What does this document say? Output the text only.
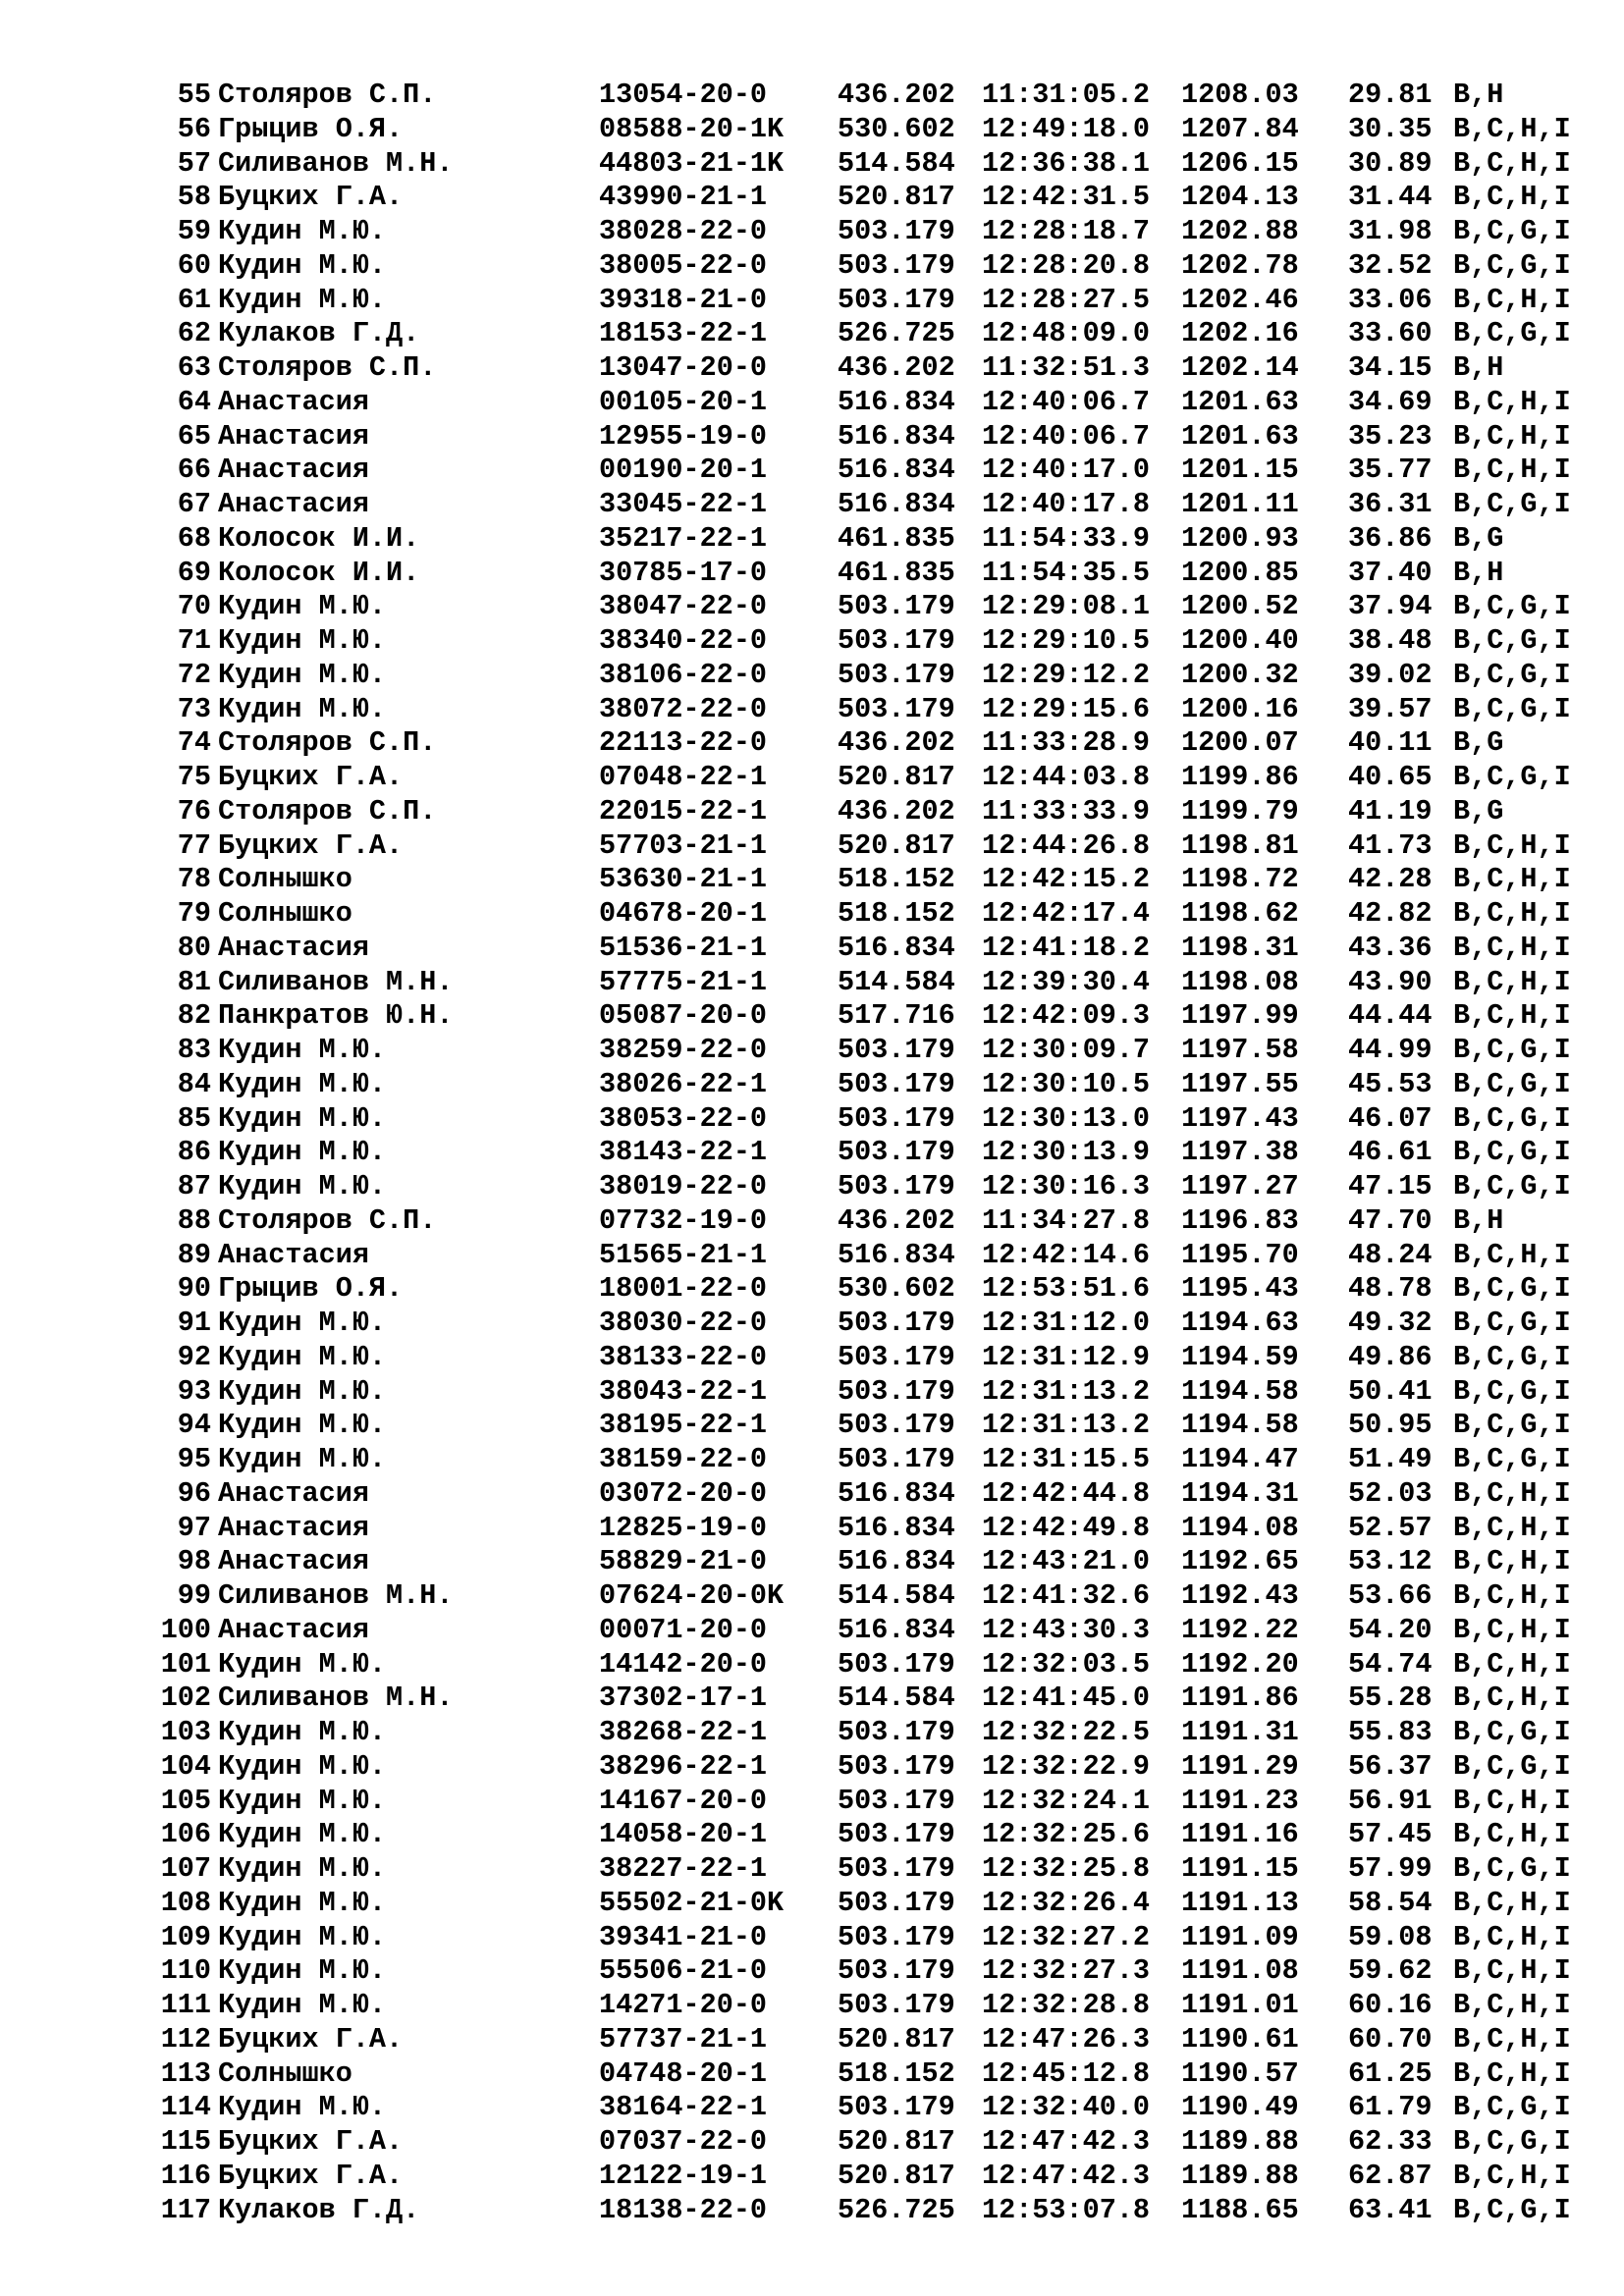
55 Столяров С.П.	13054-20-0	436.202 11:31:05.2 1208.03 29.81 B,H
56 Грыцив О.Я.	08588-20-1K 530.602 12:49:18.0 1207.84 30.35 B,C,H,I
57 Силиванов М.Н.	44803-21-1K 514.584 12:36:38.1 1206.15 30.89 B,C,H,I
58 Буцких Г.А.	43990-21-1	520.817 12:42:31.5 1204.13 31.44 B,C,H,I
59 Кудин М.Ю.	38028-22-0	503.179 12:28:18.7 1202.88 31.98 B,C,G,I
60 Кудин М.Ю.	38005-22-0	503.179 12:28:20.8 1202.78 32.52 B,C,G,I
61 Кудин М.Ю.	39318-21-0	503.179 12:28:27.5 1202.46 33.06 B,C,H,I
62 Кулаков Г.Д.	18153-22-1	526.725 12:48:09.0 1202.16 33.60 B,C,G,I
63 Столяров С.П.	13047-20-0	436.202 11:32:51.3 1202.14 34.15 B,H
64 Анастасия	00105-20-1	516.834 12:40:06.7 1201.63 34.69 B,C,H,I
65 Анастасия	12955-19-0	516.834 12:40:06.7 1201.63 35.23 B,C,H,I
66 Анастасия	00190-20-1	516.834 12:40:17.0 1201.15 35.77 B,C,H,I
67 Анастасия	33045-22-1	516.834 12:40:17.8 1201.11 36.31 B,C,G,I
68 Колосок И.И.	35217-22-1	461.835 11:54:33.9 1200.93 36.86 B,G
69 Колосок И.И.	30785-17-0	461.835 11:54:35.5 1200.85 37.40 B,H
70 Кудин М.Ю.	38047-22-0	503.179 12:29:08.1 1200.52 37.94 B,C,G,I
71 Кудин М.Ю.	38340-22-0	503.179 12:29:10.5 1200.40 38.48 B,C,G,I
72 Кудин М.Ю.	38106-22-0	503.179 12:29:12.2 1200.32 39.02 B,C,G,I
73 Кудин М.Ю.	38072-22-0	503.179 12:29:15.6 1200.16 39.57 B,C,G,I
74 Столяров С.П.	22113-22-0	436.202 11:33:28.9 1200.07 40.11 B,G
75 Буцких Г.А.	07048-22-1	520.817 12:44:03.8 1199.86 40.65 B,C,G,I
76 Столяров С.П.	22015-22-1	436.202 11:33:33.9 1199.79 41.19 B,G
77 Буцких Г.А.	57703-21-1	520.817 12:44:26.8 1198.81 41.73 B,C,H,I
78 Солнышко	53630-21-1	518.152 12:42:15.2 1198.72 42.28 B,C,H,I
79 Солнышко	04678-20-1	518.152 12:42:17.4 1198.62 42.82 B,C,H,I
80 Анастасия	51536-21-1	516.834 12:41:18.2 1198.31 43.36 B,C,H,I
81 Силиванов М.Н.	57775-21-1	514.584 12:39:30.4 1198.08 43.90 B,C,H,I
82 Панкратов Ю.Н.	05087-20-0	517.716 12:42:09.3 1197.99 44.44 B,C,H,I
83 Кудин М.Ю.	38259-22-0	503.179 12:30:09.7 1197.58 44.99 B,C,G,I
84 Кудин М.Ю.	38026-22-1	503.179 12:30:10.5 1197.55 45.53 B,C,G,I
85 Кудин М.Ю.	38053-22-0	503.179 12:30:13.0 1197.43 46.07 B,C,G,I
86 Кудин М.Ю.	38143-22-1	503.179 12:30:13.9 1197.38 46.61 B,C,G,I
87 Кудин М.Ю.	38019-22-0	503.179 12:30:16.3 1197.27 47.15 B,C,G,I
88 Столяров С.П.	07732-19-0	436.202 11:34:27.8 1196.83 47.70 B,H
89 Анастасия	51565-21-1	516.834 12:42:14.6 1195.70 48.24 B,C,H,I
90 Грыцив О.Я.	18001-22-0	530.602 12:53:51.6 1195.43 48.78 B,C,G,I
91 Кудин М.Ю.	38030-22-0	503.179 12:31:12.0 1194.63 49.32 B,C,G,I
92 Кудин М.Ю.	38133-22-0	503.179 12:31:12.9 1194.59 49.86 B,C,G,I
93 Кудин М.Ю.	38043-22-1	503.179 12:31:13.2 1194.58 50.41 B,C,G,I
94 Кудин М.Ю.	38195-22-1	503.179 12:31:13.2 1194.58 50.95 B,C,G,I
95 Кудин М.Ю.	38159-22-0	503.179 12:31:15.5 1194.47 51.49 B,C,G,I
96 Анастасия	03072-20-0	516.834 12:42:44.8 1194.31 52.03 B,C,H,I
97 Анастасия	12825-19-0	516.834 12:42:49.8 1194.08 52.57 B,C,H,I
98 Анастасия	58829-21-0	516.834 12:43:21.0 1192.65 53.12 B,C,H,I
99 Силиванов М.Н.	07624-20-0K 514.584 12:41:32.6 1192.43 53.66 B,C,H,I
100 Анастасия	00071-20-0	516.834 12:43:30.3 1192.22 54.20 B,C,H,I
101 Кудин М.Ю.	14142-20-0	503.179 12:32:03.5 1192.20 54.74 B,C,H,I
102 Силиванов М.Н.	37302-17-1	514.584 12:41:45.0 1191.86 55.28 B,C,H,I
103 Кудин М.Ю.	38268-22-1	503.179 12:32:22.5 1191.31 55.83 B,C,G,I
104 Кудин М.Ю.	38296-22-1	503.179 12:32:22.9 1191.29 56.37 B,C,G,I
105 Кудин М.Ю.	14167-20-0	503.179 12:32:24.1 1191.23 56.91 B,C,H,I
106 Кудин М.Ю.	14058-20-1	503.179 12:32:25.6 1191.16 57.45 B,C,H,I
107 Кудин М.Ю.	38227-22-1	503.179 12:32:25.8 1191.15 57.99 B,C,G,I
108 Кудин М.Ю.	55502-21-0K 503.179 12:32:26.4 1191.13 58.54 B,C,H,I
109 Кудин М.Ю.	39341-21-0	503.179 12:32:27.2 1191.09 59.08 B,C,H,I
110 Кудин М.Ю.	55506-21-0	503.179 12:32:27.3 1191.08 59.62 B,C,H,I
111 Кудин М.Ю.	14271-20-0	503.179 12:32:28.8 1191.01 60.16 B,C,H,I
112 Буцких Г.А.	57737-21-1	520.817 12:47:26.3 1190.61 60.70 B,C,H,I
113 Солнышко	04748-20-1	518.152 12:45:12.8 1190.57 61.25 B,C,H,I
114 Кудин М.Ю.	38164-22-1	503.179 12:32:40.0 1190.49 61.79 B,C,G,I
115 Буцких Г.А.	07037-22-0	520.817 12:47:42.3 1189.88 62.33 B,C,G,I
116 Буцких Г.А.	12122-19-1	520.817 12:47:42.3 1189.88 62.87 B,C,H,I
117 Кулаков Г.Д.	18138-22-0	526.725 12:53:07.8 1188.65 63.41 B,C,G,I
